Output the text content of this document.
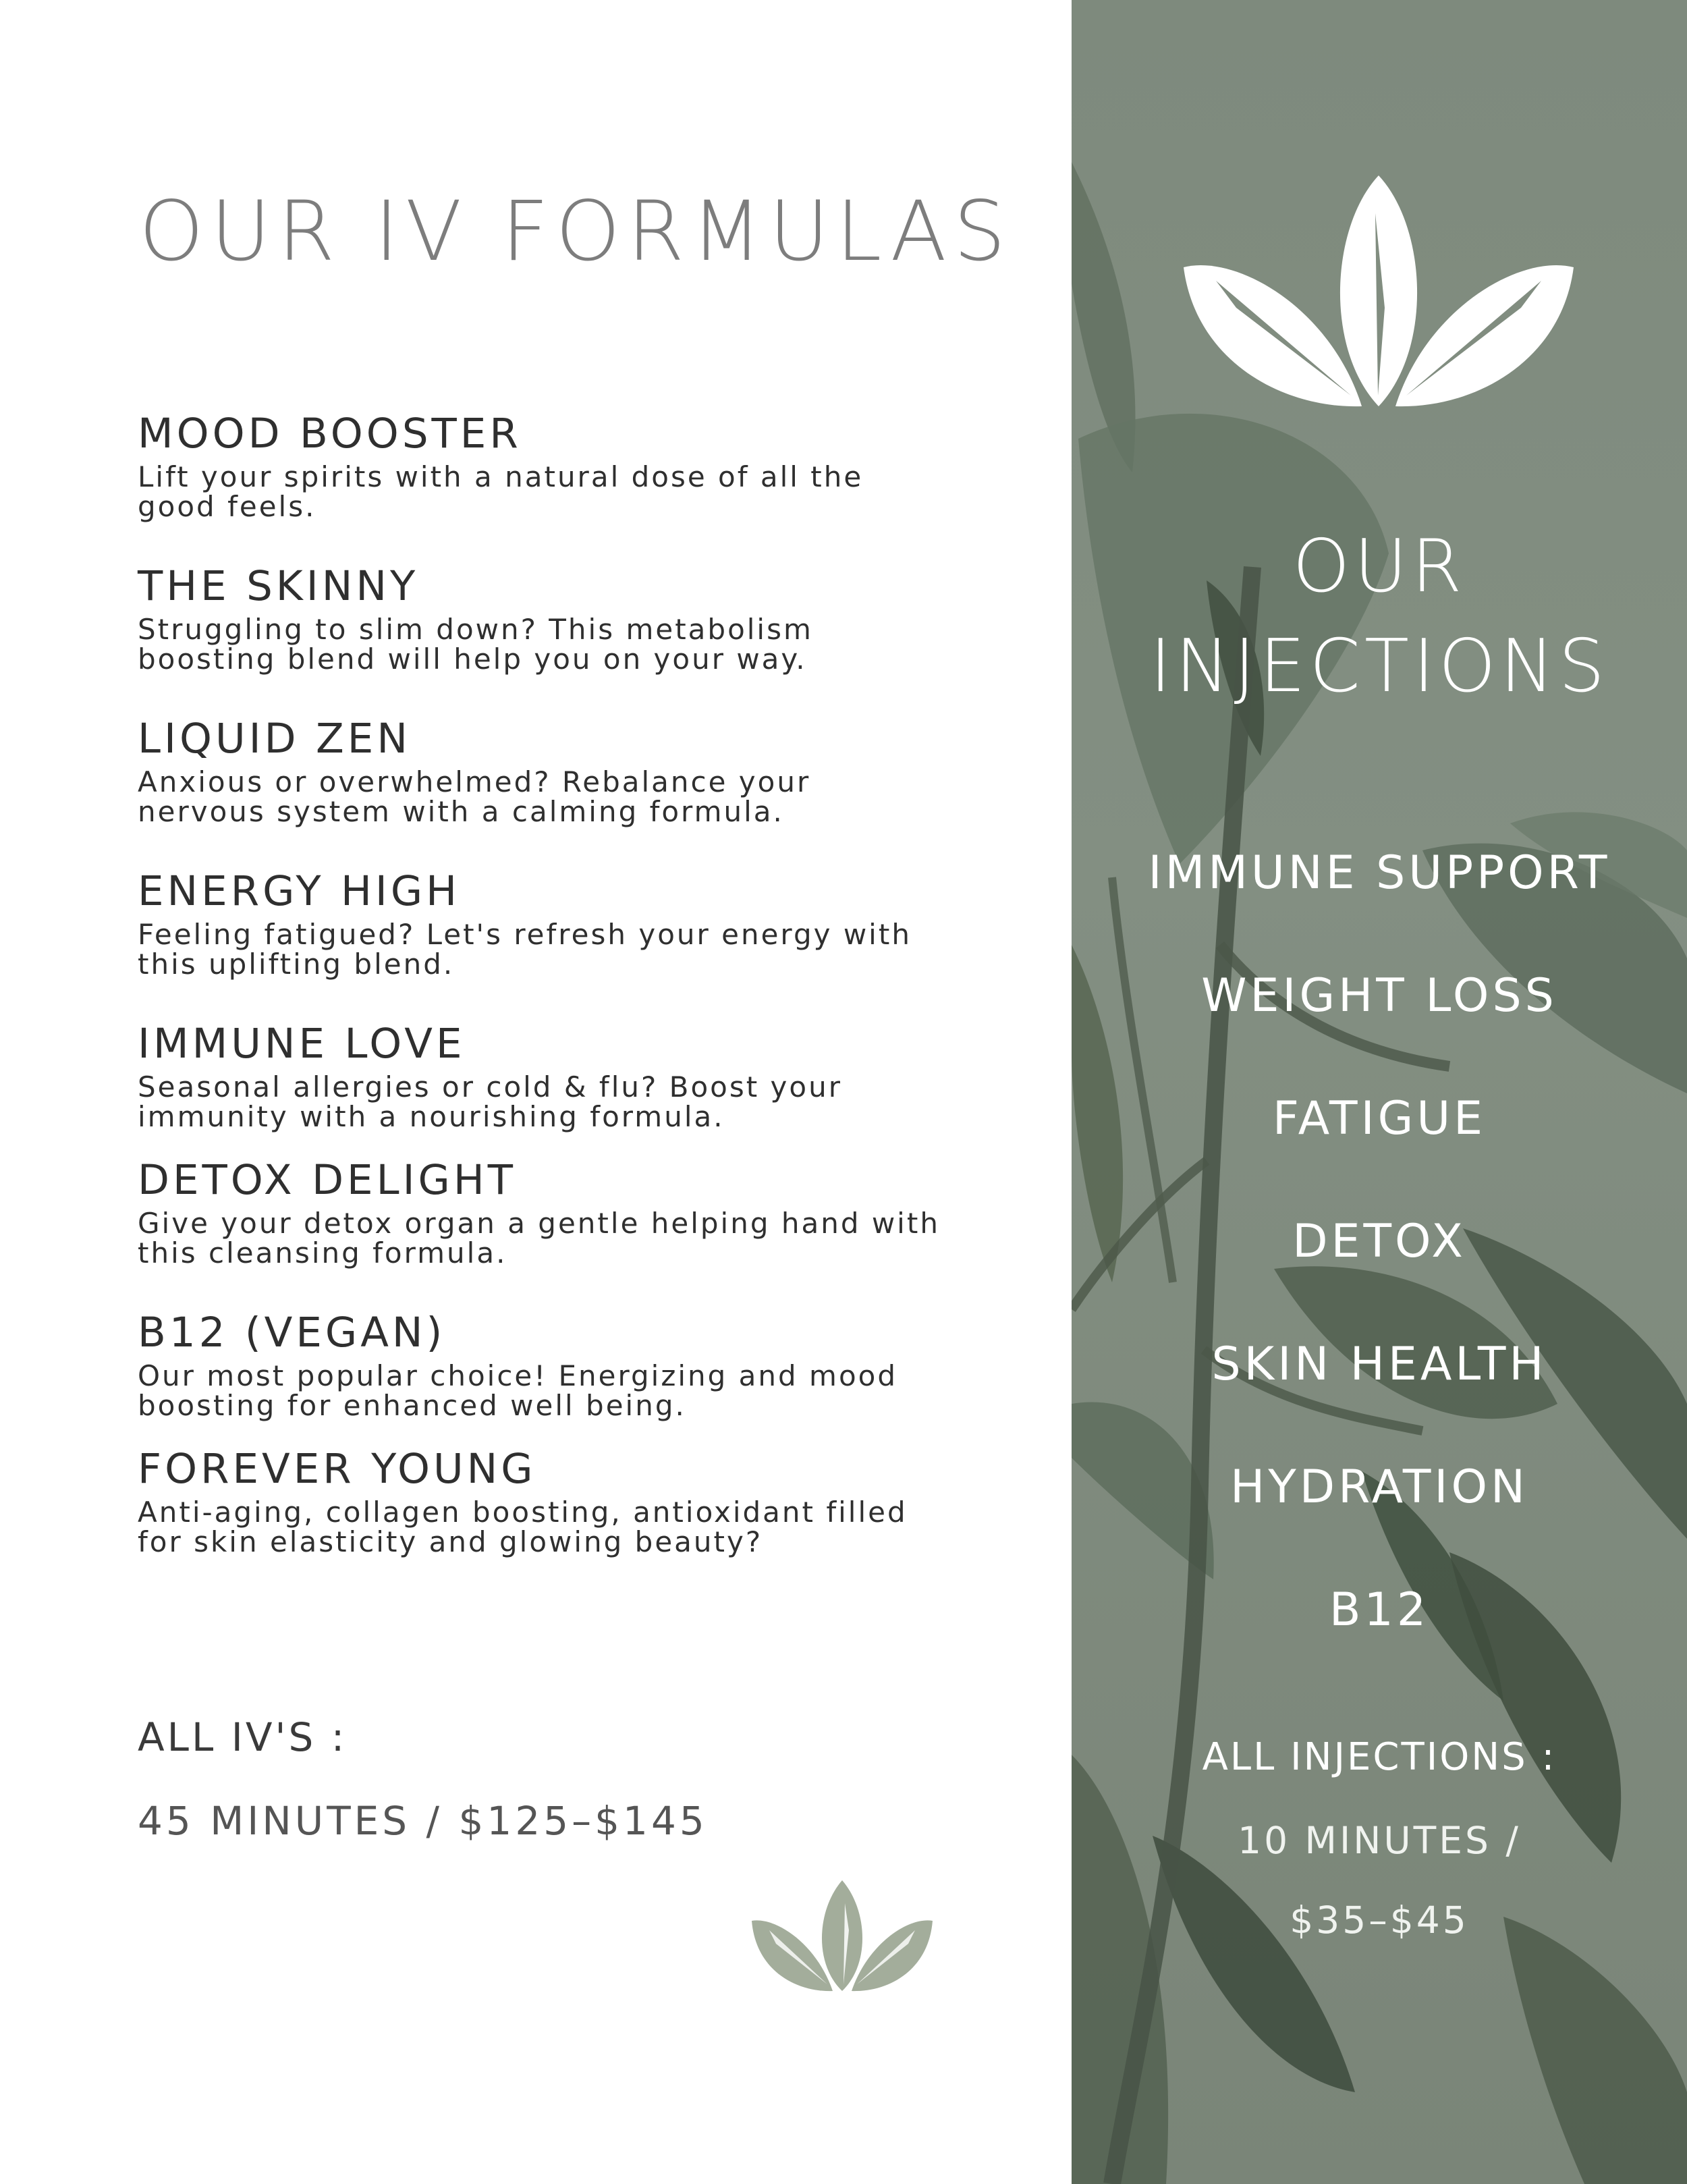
OUR IV FORMULAS
MOOD BOOSTER
Lift your spirits with a natural dose of all the good feels.
THE SKINNY
Struggling to slim down? This metabolism boosting blend will help you on your way.
LIQUID ZEN
Anxious or overwhelmed? Rebalance your nervous system with a calming formula.
ENERGY HIGH
Feeling fatigued? Let's refresh your energy with this uplifting blend.
IMMUNE LOVE
Seasonal allergies or cold & flu? Boost your immunity with a nourishing formula.
DETOX DELIGHT
Give your detox organ a gentle helping hand with this cleansing formula.
B12 (VEGAN)
Our most popular choice! Energizing and mood boosting for enhanced well being.
FOREVER YOUNG
Anti-aging, collagen boosting, antioxidant filled for skin elasticity and glowing beauty?
ALL IV'S :
45 MINUTES / $125–$145
OUR
INJECTIONS
IMMUNE SUPPORT
WEIGHT LOSS
FATIGUE
DETOX
SKIN HEALTH
HYDRATION
B12
ALL INJECTIONS :
10 MINUTES /
$35–$45
